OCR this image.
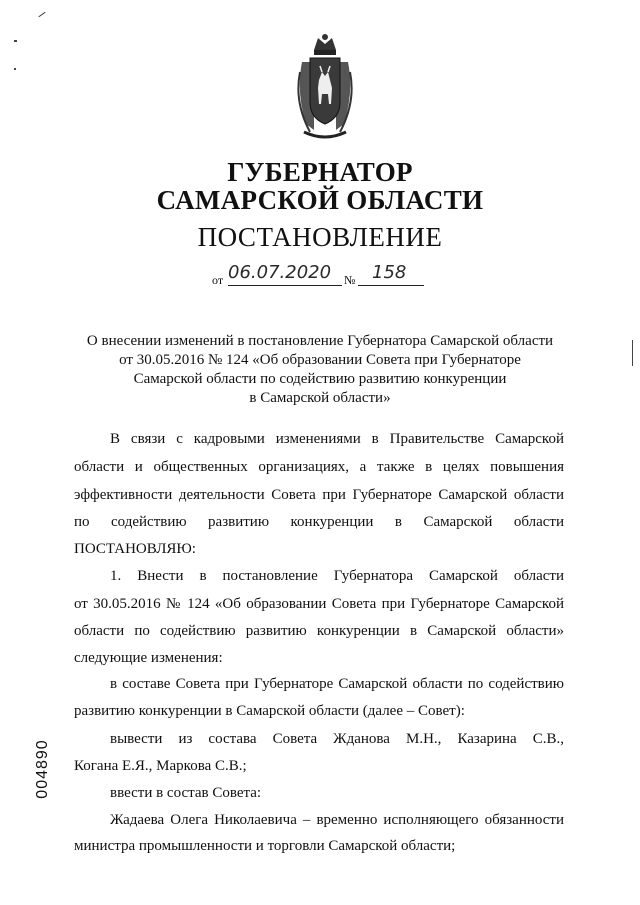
ГУБЕРНАТОР
САМАРСКОЙ ОБЛАСТИ
ПОСТАНОВЛЕНИЕ
от 06.07.2020 № 158
О внесении изменений в постановление Губернатора Самарской области
от 30.05.2016 № 124 «Об образовании Совета при Губернаторе
Самарской области по содействию развитию конкуренции
в Самарской области»
В связи с кадровыми изменениями в Правительстве Самарской
области и общественных организациях, а также в целях повышения
эффективности деятельности Совета при Губернаторе Самарской области
по содействию развитию конкуренции в Самарской области
ПОСТАНОВЛЯЮ:
1. Внести в постановление Губернатора Самарской области
от 30.05.2016 № 124 «Об образовании Совета при Губернаторе Самарской
области по содействию развитию конкуренции в Самарской области»
следующие изменения:
в составе Совета при Губернаторе Самарской области по содействию
развитию конкуренции в Самарской области (далее – Совет):
вывести из состава Совета Жданова М.Н., Казарина С.В.,
Когана Е.Я., Маркова С.В.;
ввести в состав Совета:
Жадаева Олега Николаевича – временно исполняющего обязанности
министра промышленности и торговли Самарской области;
004890
